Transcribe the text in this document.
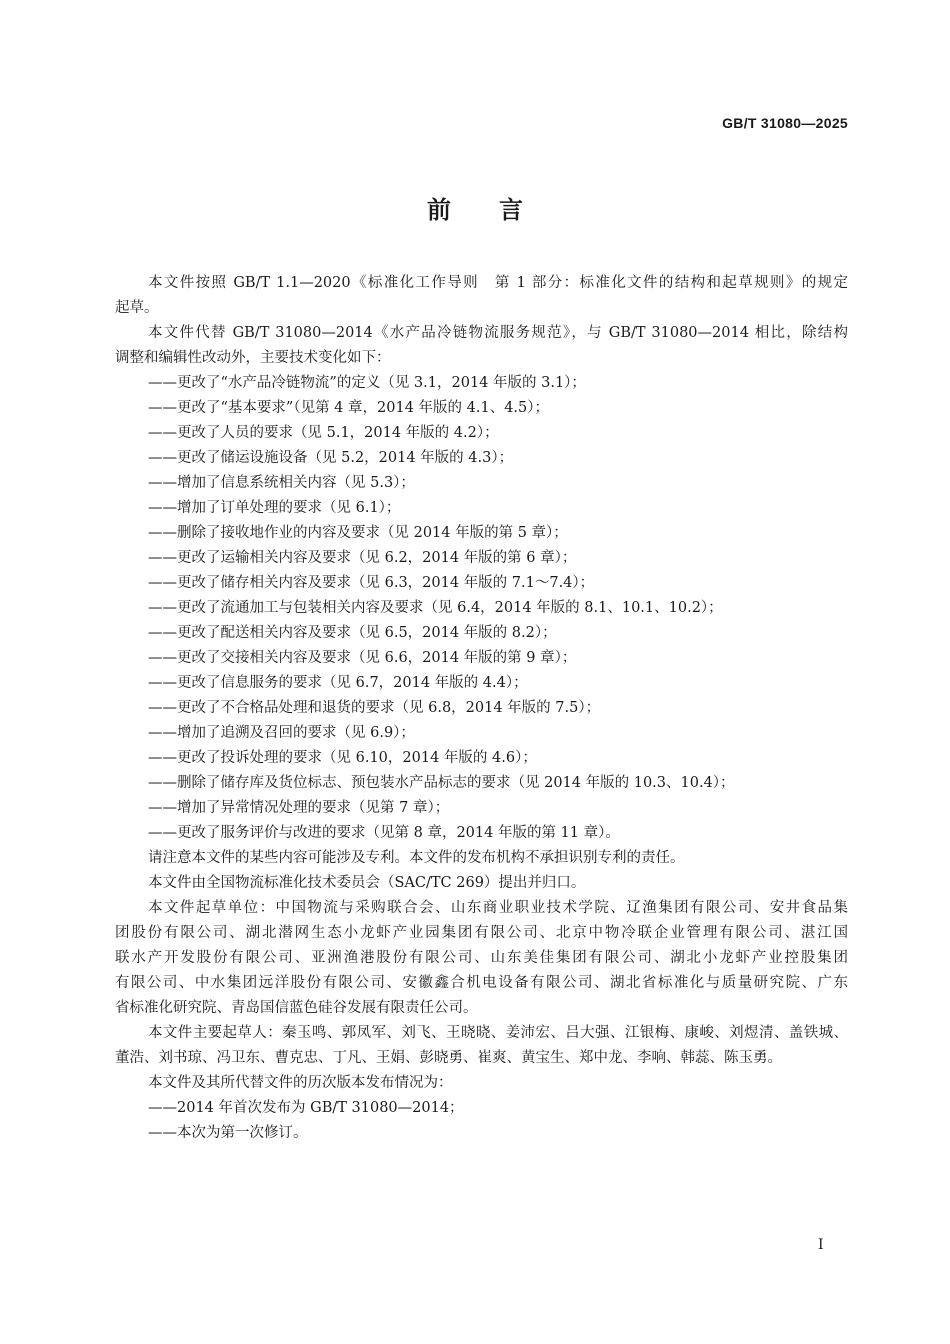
GB/T 31080—2025
前　　言
本文件按照 GB/T 1.1—2020《标准化工作导则　第 1 部分：标准化文件的结构和起草规则》的规定
起草。
本文件代替 GB/T 31080—2014《水产品冷链物流服务规范》，与 GB/T 31080—2014 相比，除结构
调整和编辑性改动外，主要技术变化如下：
——更改了“水产品冷链物流”的定义（见 3.1，2014 年版的 3.1）；
——更改了“基本要求”（见第 4 章，2014 年版的 4.1、4.5）；
——更改了人员的要求（见 5.1，2014 年版的 4.2）；
——更改了储运设施设备（见 5.2，2014 年版的 4.3）；
——增加了信息系统相关内容（见 5.3）；
——增加了订单处理的要求（见 6.1）；
——删除了接收地作业的内容及要求（见 2014 年版的第 5 章）；
——更改了运输相关内容及要求（见 6.2，2014 年版的第 6 章）；
——更改了储存相关内容及要求（见 6.3，2014 年版的 7.1～7.4）；
——更改了流通加工与包装相关内容及要求（见 6.4，2014 年版的 8.1、10.1、10.2）；
——更改了配送相关内容及要求（见 6.5，2014 年版的 8.2）；
——更改了交接相关内容及要求（见 6.6，2014 年版的第 9 章）；
——更改了信息服务的要求（见 6.7，2014 年版的 4.4）；
——更改了不合格品处理和退货的要求（见 6.8，2014 年版的 7.5）；
——增加了追溯及召回的要求（见 6.9）；
——更改了投诉处理的要求（见 6.10，2014 年版的 4.6）；
——删除了储存库及货位标志、预包装水产品标志的要求（见 2014 年版的 10.3、10.4）；
——增加了异常情况处理的要求（见第 7 章）；
——更改了服务评价与改进的要求（见第 8 章，2014 年版的第 11 章）。
请注意本文件的某些内容可能涉及专利。本文件的发布机构不承担识别专利的责任。
本文件由全国物流标准化技术委员会（SAC/TC 269）提出并归口。
本文件起草单位：中国物流与采购联合会、山东商业职业技术学院、辽渔集团有限公司、安井食品集
团股份有限公司、湖北潜网生态小龙虾产业园集团有限公司、北京中物冷联企业管理有限公司、湛江国
联水产开发股份有限公司、亚洲渔港股份有限公司、山东美佳集团有限公司、湖北小龙虾产业控股集团
有限公司、中水集团远洋股份有限公司、安徽鑫合机电设备有限公司、湖北省标准化与质量研究院、广东
省标准化研究院、青岛国信蓝色硅谷发展有限责任公司。
本文件主要起草人：秦玉鸣、郭凤军、刘飞、王晓晓、姜沛宏、吕大强、江银梅、康峻、刘煜清、盖铁城、
董浩、刘书琼、冯卫东、曹克忠、丁凡、王娟、彭晓勇、崔爽、黄宝生、郑中龙、李响、韩蕊、陈玉勇。
本文件及其所代替文件的历次版本发布情况为：
——2014 年首次发布为 GB/T 31080—2014；
——本次为第一次修订。
I
